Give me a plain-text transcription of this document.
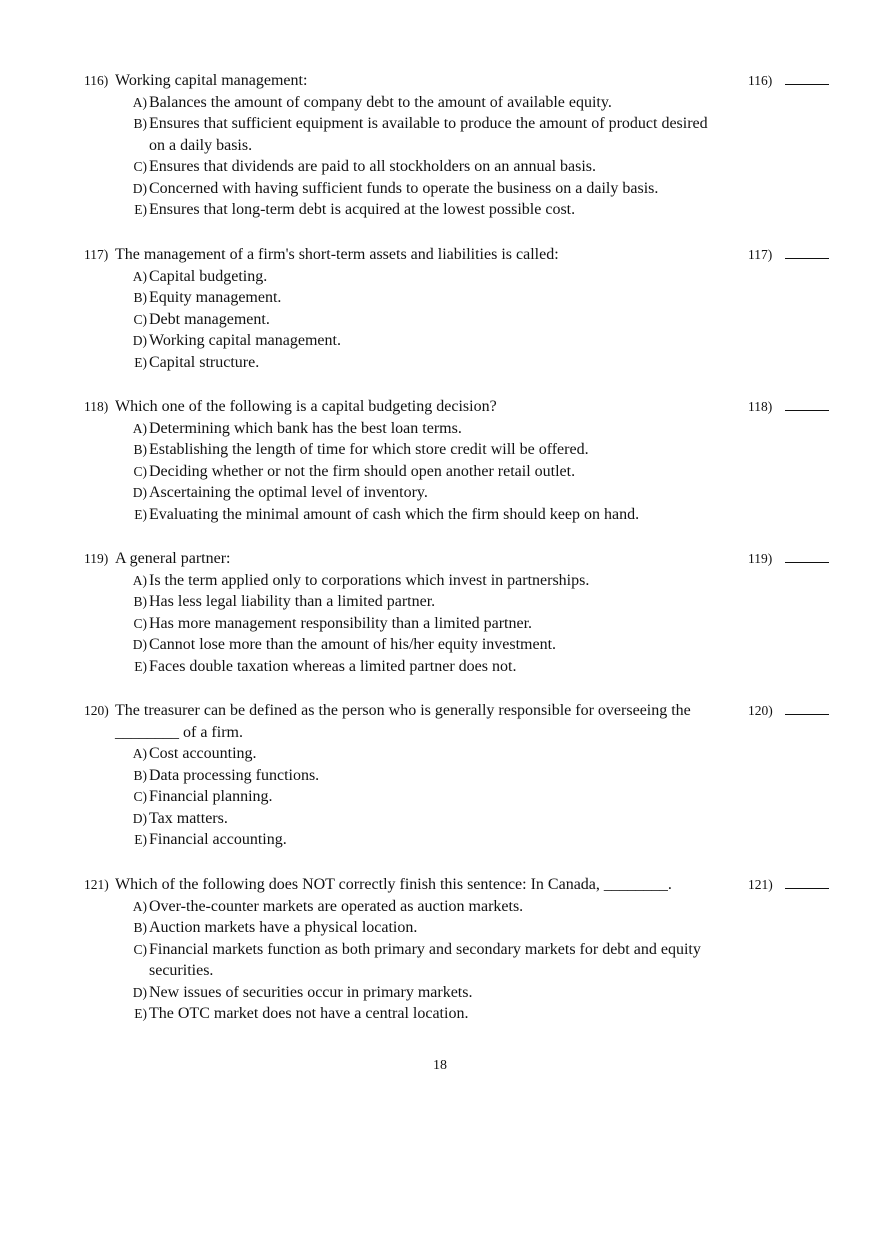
116) Working capital management:	116)
A) Balances the amount of company debt to the amount of available equity.
B) Ensures that sufficient equipment is available to produce the amount of product desired on a daily basis.
C) Ensures that dividends are paid to all stockholders on an annual basis.
D) Concerned with having sufficient funds to operate the business on a daily basis.
E) Ensures that long-term debt is acquired at the lowest possible cost.
117) The management of a firm's short-term assets and liabilities is called:	117)
A) Capital budgeting.
B) Equity management.
C) Debt management.
D) Working capital management.
E) Capital structure.
118) Which one of the following is a capital budgeting decision?	118)
A) Determining which bank has the best loan terms.
B) Establishing the length of time for which store credit will be offered.
C) Deciding whether or not the firm should open another retail outlet.
D) Ascertaining the optimal level of inventory.
E) Evaluating the minimal amount of cash which the firm should keep on hand.
119) A general partner:	119)
A) Is the term applied only to corporations which invest in partnerships.
B) Has less legal liability than a limited partner.
C) Has more management responsibility than a limited partner.
D) Cannot lose more than the amount of his/her equity investment.
E) Faces double taxation whereas a limited partner does not.
120) The treasurer can be defined as the person who is generally responsible for overseeing the ________ of a firm.
120)
A) Cost accounting.
B) Data processing functions.
C) Financial planning.
D) Tax matters.
E) Financial accounting.
121) Which of the following does NOT correctly finish this sentence: In Canada, ________.	121)
A) Over-the-counter markets are operated as auction markets.
B) Auction markets have a physical location.
C) Financial markets function as both primary and secondary markets for debt and equity securities.
D) New issues of securities occur in primary markets.
E) The OTC market does not have a central location.
18
